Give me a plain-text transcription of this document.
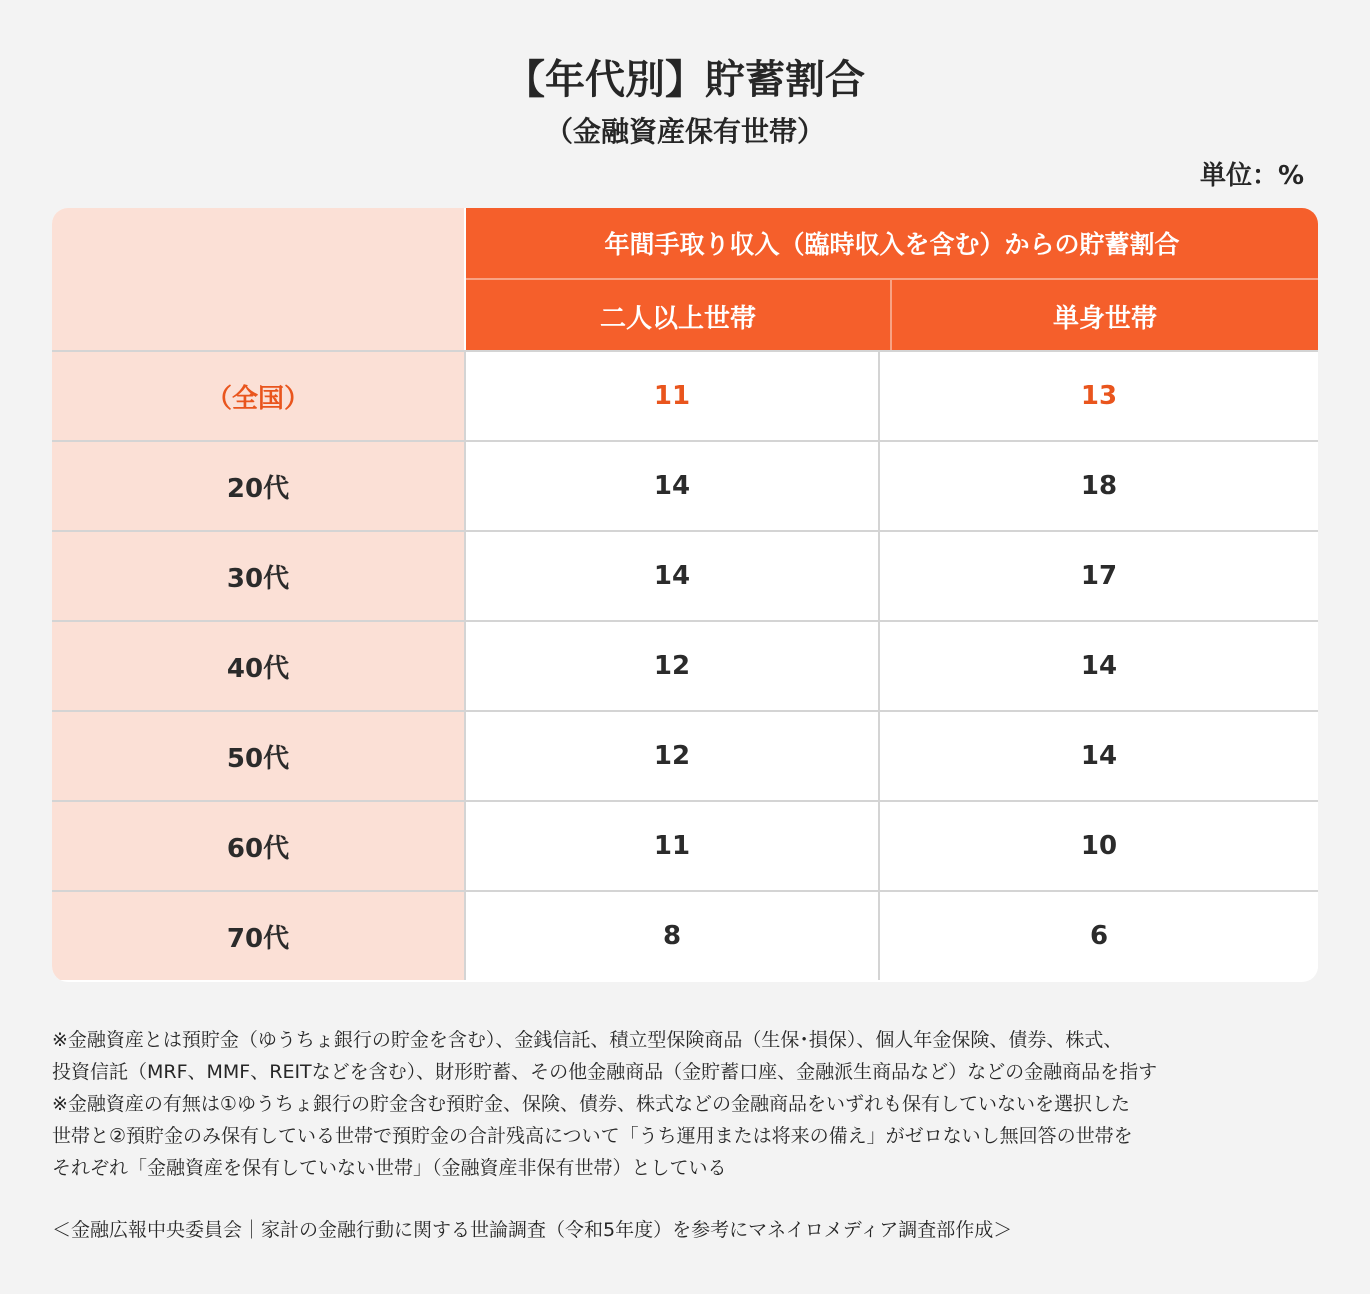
【年代別】貯蓄割合
（金融資産保有世帯）
単位：%
年間手取り収入（臨時収入を含む）からの貯蓄割合
二人以上世帯	単身世帯
（全国）	11	13
20代	14	18
30代	14	17
40代	12	14
50代	12	14
60代	11	10
70代	8	6

※金融資産とは預貯金（ゆうちょ銀行の貯金を含む）、金銭信託、積立型保険商品（生保･損保）、個人年金保険、債券、株式、

投資信託（MRF、MMF、REITなどを含む）、財形貯蓄、その他金融商品（金貯蓄口座、金融派生商品など）などの金融商品を指す

※金融資産の有無は①ゆうちょ銀行の貯金含む預貯金、保険、債券、株式などの金融商品をいずれも保有していないを選択した

世帯と②預貯金のみ保有している世帯で預貯金の合計残高について「うち運用または将来の備え」がゼロないし無回答の世帯を

それぞれ「金融資産を保有していない世帯」（金融資産非保有世帯）としている

＜金融広報中央委員会｜家計の金融行動に関する世論調査（令和5年度）を参考にマネイロメディア調査部作成＞
